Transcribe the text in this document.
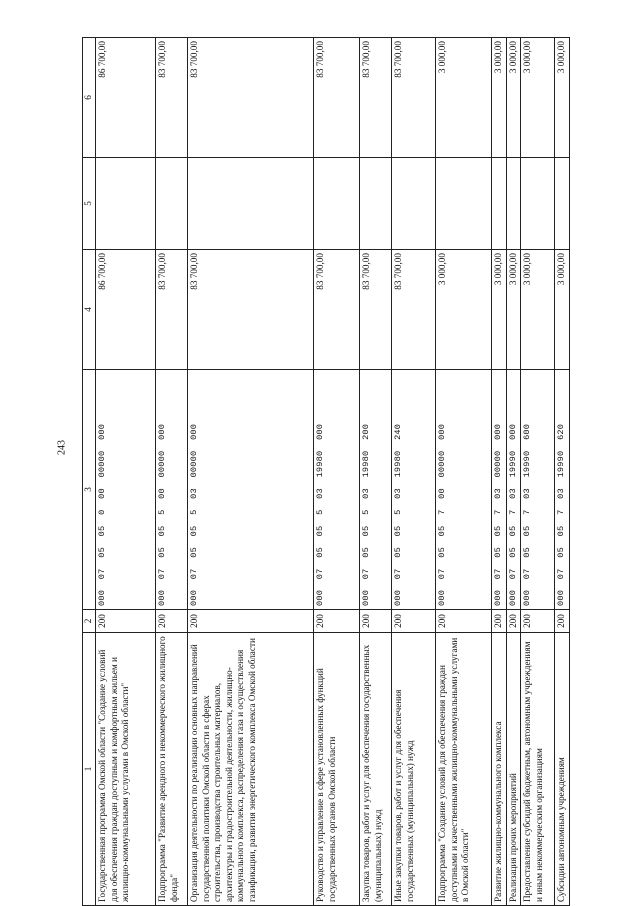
243
1	2	3	4	5	6
Государственная программа Омской области "Создание условий для обеспечения граждан доступным и комфортным жильем и жилищно-коммунальными услугами в Омской области"	200	000  07  05  05  0  00  00000  000	86 700,00		86 700,00
Подпрограмма "Развитие арендного и некоммерческого жилищного фонда"	200	000  07  05  05  5  00  00000  000	83 700,00		83 700,00
Организация деятельности по реализации основных направлений государственной политики Омской области в сферах строительства, производства строительных материалов, архитектуры и градостроительной деятельности, жилищно-коммунального комплекса, распределения газа и осуществления газификации, развития энергетического комплекса Омской области	200	000  07  05  05  5  03  00000  000	83 700,00		83 700,00
Руководство и управление в сфере установленных функций государственных органов Омской области	200	000  07  05  05  5  03  19980  000	83 700,00		83 700,00
Закупка товаров, работ и услуг для обеспечения государственных (муниципальных) нужд	200	000  07  05  05  5  03  19980  200	83 700,00		83 700,00
Иные закупки товаров, работ и услуг для обеспечения государственных (муниципальных) нужд	200	000  07  05  05  5  03  19980  240	83 700,00		83 700,00
Подпрограмма "Создание условий для обеспечения граждан доступными и качественными жилищно-коммунальными услугами в Омской области"	200	000  07  05  05  7  00  00000  000	3 000,00		3 000,00
Развитие жилищно-коммунального комплекса	200	000  07  05  05  7  03  00000  000	3 000,00		3 000,00
Реализация прочих мероприятий	200	000  07  05  05  7  03  19990  000	3 000,00		3 000,00
Предоставление субсидий бюджетным, автономным учреждениям и иным некоммерческим организациям	200	000  07  05  05  7  03  19990  600	3 000,00		3 000,00
Субсидии автономным учреждениям	200	000  07  05  05  7  03  19990  620	3 000,00		3 000,00
